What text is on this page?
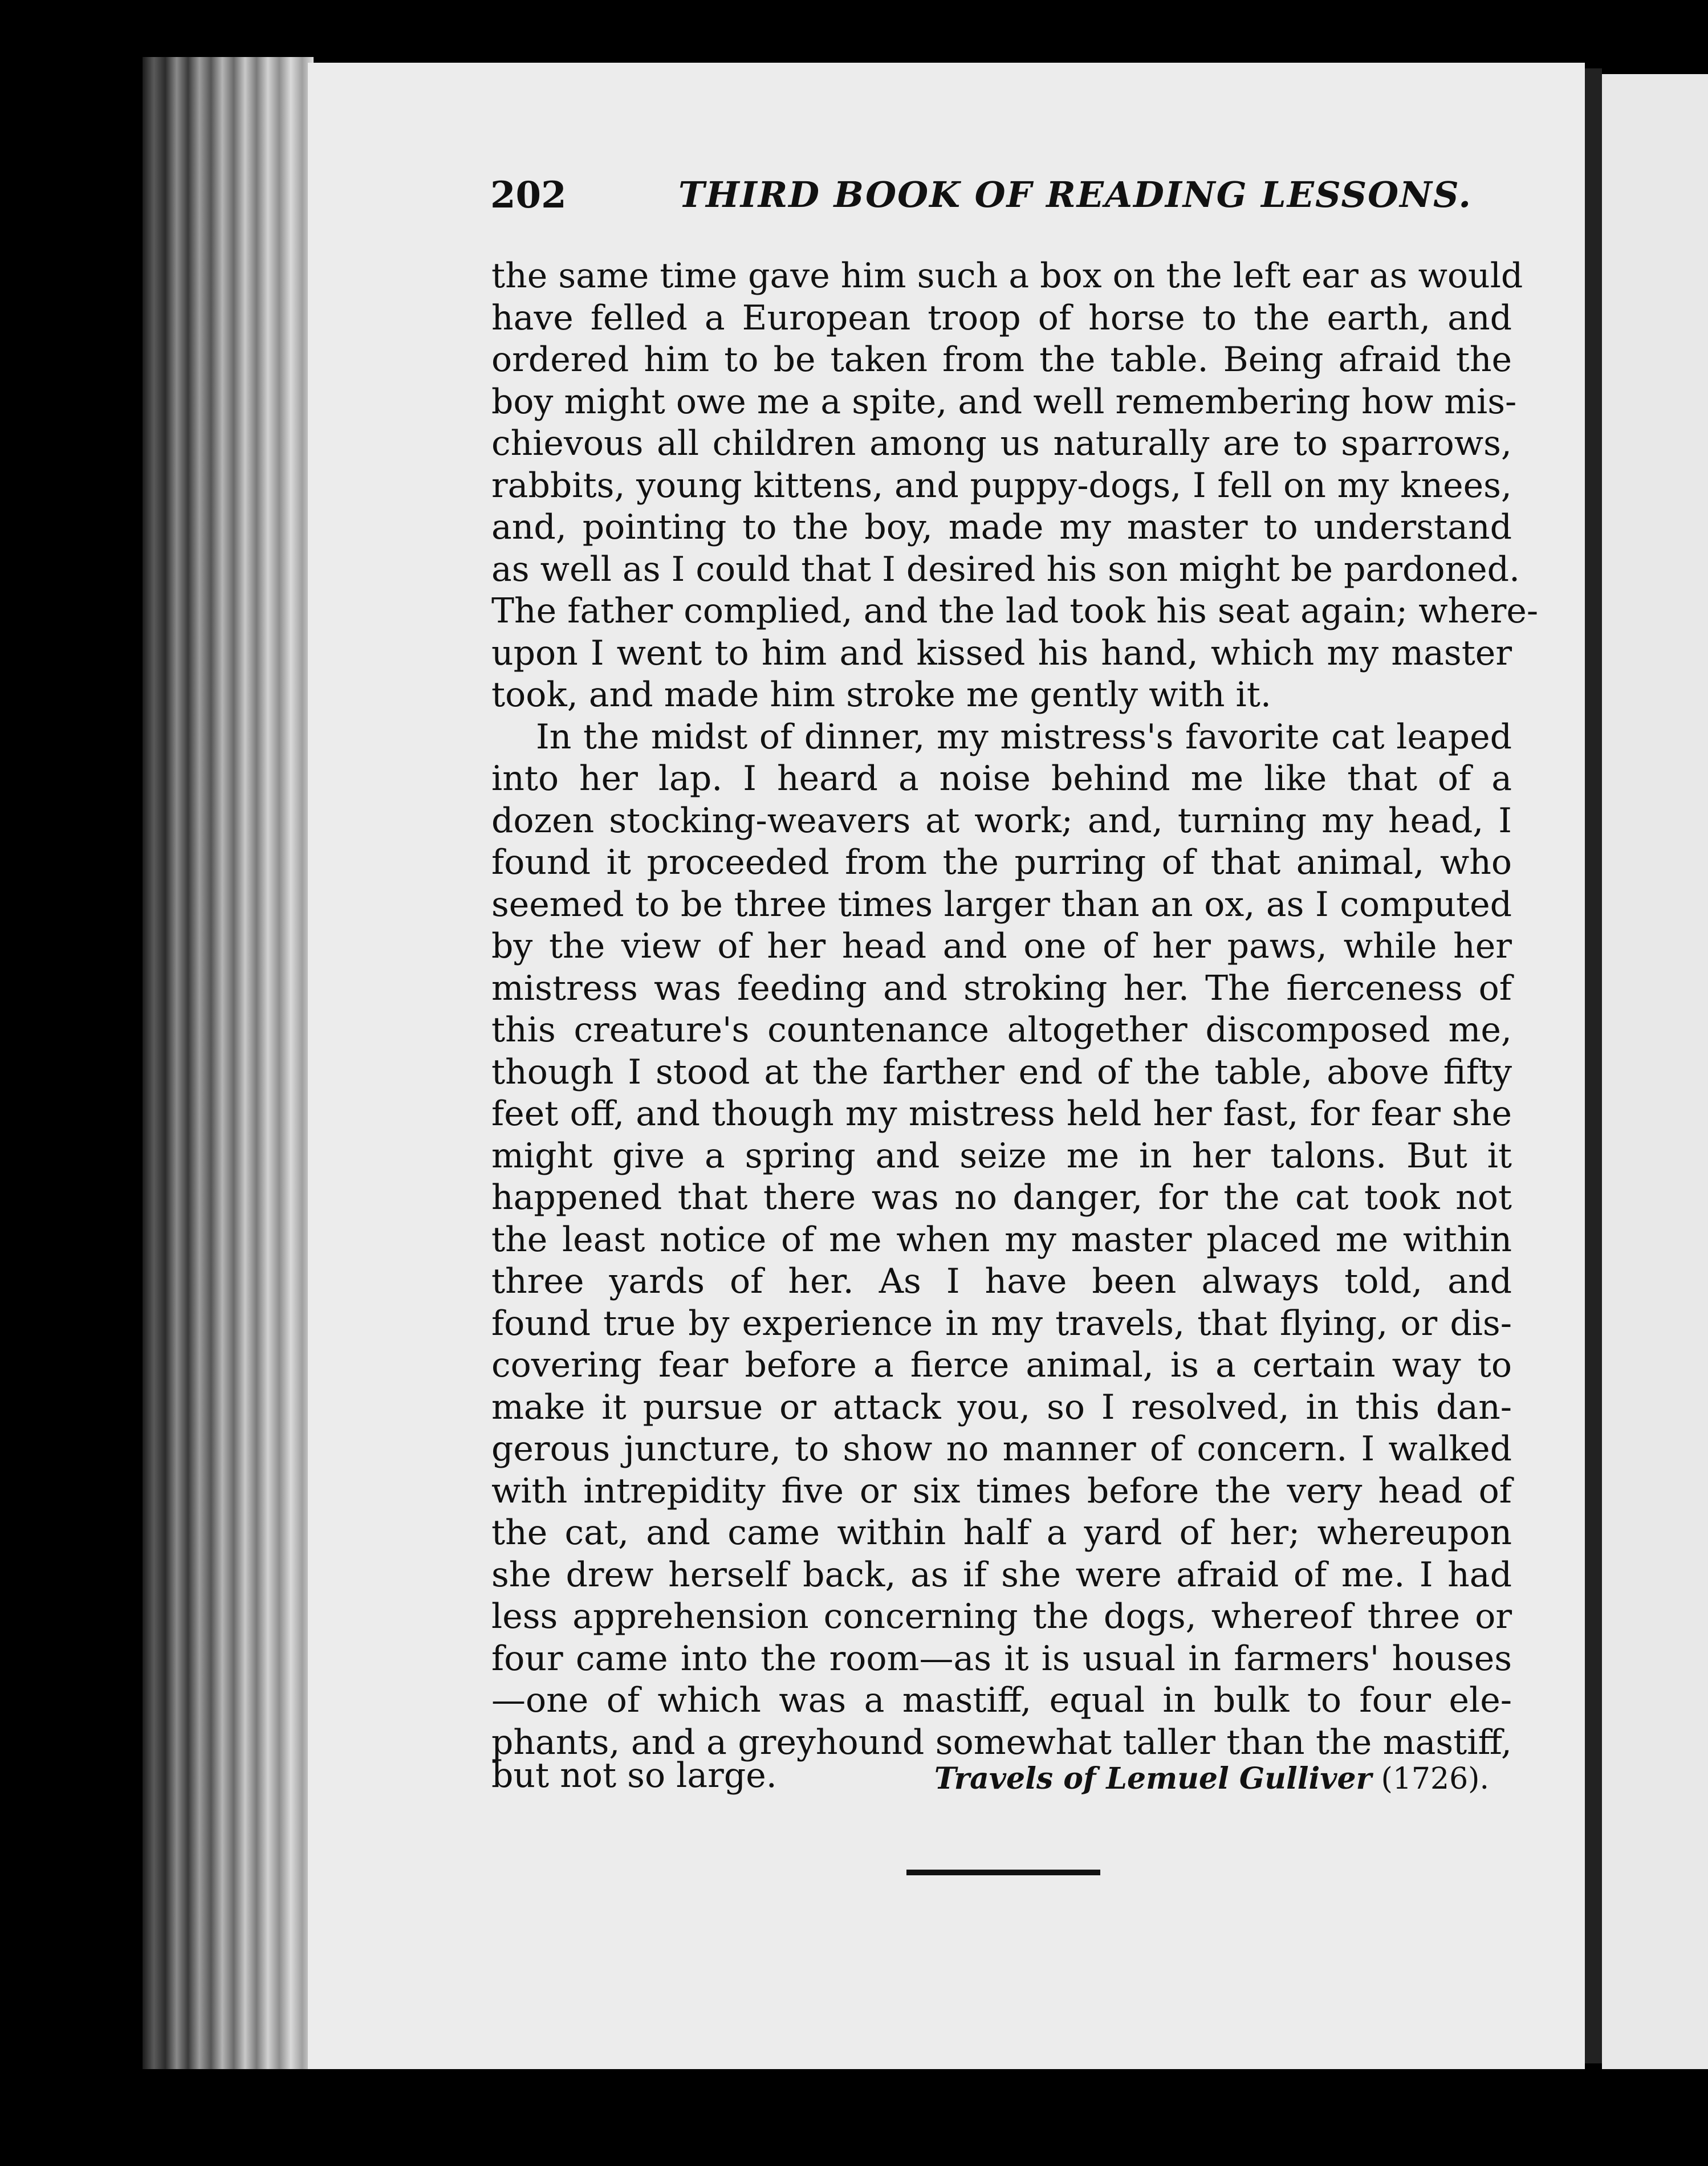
202	THIRD BOOK OF READING LESSONS.
the same time gave him such a box on the left ear as would
have felled a European troop of horse to the earth, and
ordered him to be taken from the table. Being afraid the
boy might owe me a spite, and well remembering how mis-
chievous all children among us naturally are to sparrows,
rabbits, young kittens, and puppy-dogs, I fell on my knees,
and, pointing to the boy, made my master to understand
as well as I could that I desired his son might be pardoned.
The father complied, and the lad took his seat again; where-
upon I went to him and kissed his hand, which my master
took, and made him stroke me gently with it.
In the midst of dinner, my mistress's favorite cat leaped
into her lap. I heard a noise behind me like that of a
dozen stocking-weavers at work; and, turning my head, I
found it proceeded from the purring of that animal, who
seemed to be three times larger than an ox, as I computed
by the view of her head and one of her paws, while her
mistress was feeding and stroking her. The fierceness of
this creature's countenance altogether discomposed me,
though I stood at the farther end of the table, above fifty
feet off, and though my mistress held her fast, for fear she
might give a spring and seize me in her talons. But it
happened that there was no danger, for the cat took not
the least notice of me when my master placed me within
three yards of her. As I have been always told, and
found true by experience in my travels, that flying, or dis-
covering fear before a fierce animal, is a certain way to
make it pursue or attack you, so I resolved, in this dan-
gerous juncture, to show no manner of concern. I walked
with intrepidity five or six times before the very head of
the cat, and came within half a yard of her; whereupon
she drew herself back, as if she were afraid of me. I had
less apprehension concerning the dogs, whereof three or
four came into the room—as it is usual in farmers' houses
—one of which was a mastiff, equal in bulk to four ele-
phants, and a greyhound somewhat taller than the mastiff,
but not so large.	Travels of Lemuel Gulliver (1726).
